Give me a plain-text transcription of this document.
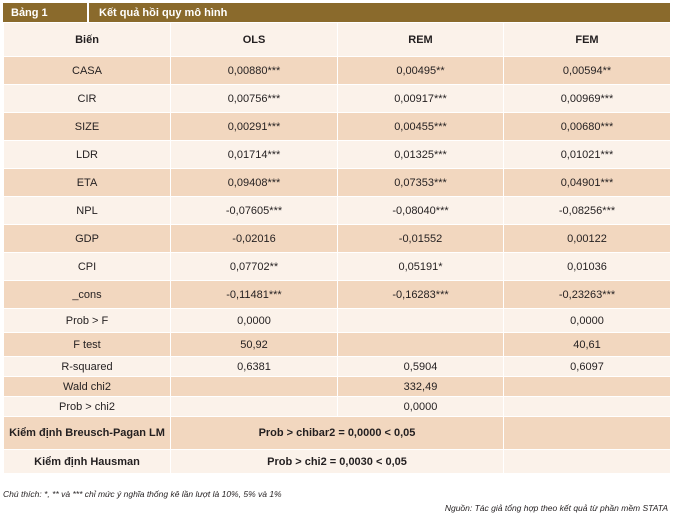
Bảng 1	Kết quả hồi quy mô hình
Biến	OLS	REM	FEM
CASA	0,00880***	0,00495**	0,00594**
CIR	0,00756***	0,00917***	0,00969***
SIZE	0,00291***	0,00455***	0,00680***
LDR	0,01714***	0,01325***	0,01021***
ETA	0,09408***	0,07353***	0,04901***
NPL	-0,07605***	-0,08040***	-0,08256***
GDP	-0,02016	-0,01552	0,00122
CPI	0,07702**	0,05191*	0,01036
_cons	-0,11481***	-0,16283***	-0,23263***
Prob > F	0,0000		0,0000
F test	50,92		40,61
R-squared	0,6381	0,5904	0,6097
Wald chi2		332,49	
Prob > chi2		0,0000	
Kiểm định Breusch-Pagan LM	Prob > chibar2 = 0,0000 < 0,05		
Kiểm định Hausman	Prob > chi2 = 0,0030 < 0,05		
Chú thích: *, ** và *** chỉ mức ý nghĩa thống kê lần lượt là 10%, 5% và 1%
Nguồn: Tác giả tổng hợp theo kết quả từ phần mềm STATA
